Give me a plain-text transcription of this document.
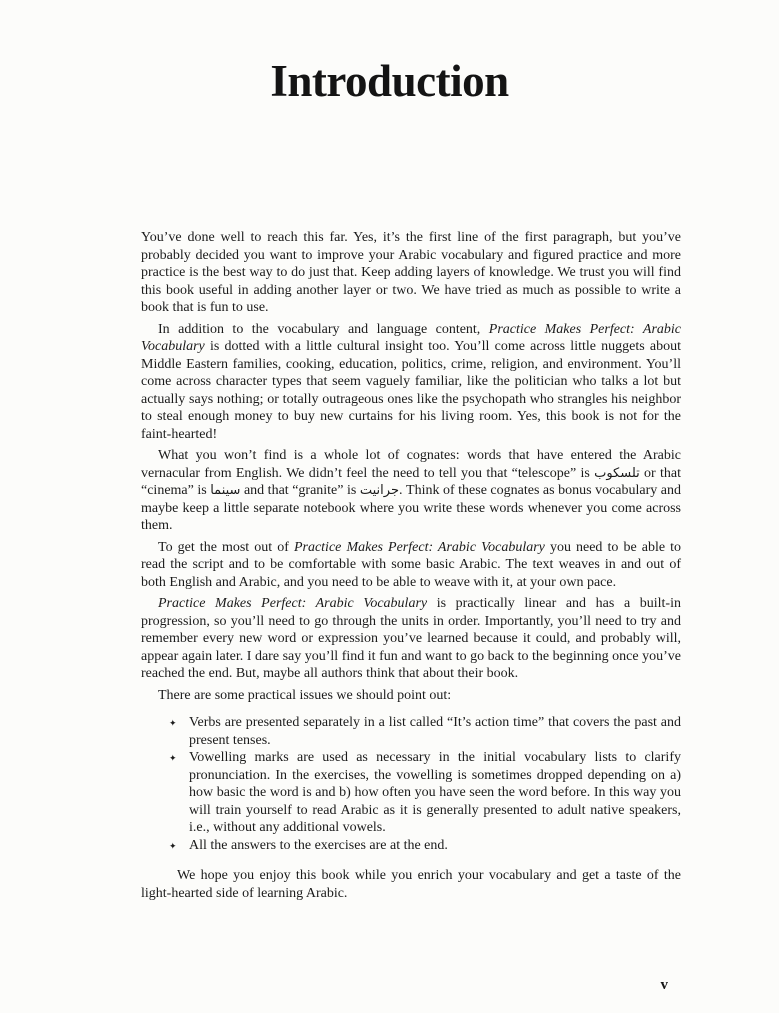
Introduction

You’ve done well to reach this far. Yes, it’s the first line of the first paragraph, but you’ve probably decided you want to improve your Arabic vocabulary and figured practice and more practice is the best way to do just that. Keep adding layers of knowledge. We trust you will find this book useful in adding another layer or two. We have tried as much as possible to write a book that is fun to use.

In addition to the vocabulary and language content, Practice Makes Perfect: Arabic Vocabulary is dotted with a little cultural insight too. You’ll come across little nuggets about Middle Eastern families, cooking, education, politics, crime, religion, and environment. You’ll come across character types that seem vaguely familiar, like the politician who talks a lot but actually says nothing; or totally outrageous ones like the psychopath who strangles his neighbor to steal enough money to buy new curtains for his living room. Yes, this book is not for the faint-hearted!

What you won’t find is a whole lot of cognates: words that have entered the Arabic vernacular from English. We didn’t feel the need to tell you that “telescope” is تلسكوب or that “cinema” is سينما and that “granite” is جرانيت. Think of these cognates as bonus vocabulary and maybe keep a little separate notebook where you write these words whenever you come across them.

To get the most out of Practice Makes Perfect: Arabic Vocabulary you need to be able to read the script and to be comfortable with some basic Arabic. The text weaves in and out of both English and Arabic, and you need to be able to weave with it, at your own pace.

Practice Makes Perfect: Arabic Vocabulary is practically linear and has a built-in progression, so you’ll need to go through the units in order. Importantly, you’ll need to try and remember every new word or expression you’ve learned because it could, and probably will, appear again later. I dare say you’ll find it fun and want to go back to the beginning once you’ve reached the end. But, maybe all authors think that about their book.

There are some practical issues we should point out:

✦ Verbs are presented separately in a list called “It’s action time” that covers the past and present tenses.
✦ Vowelling marks are used as necessary in the initial vocabulary lists to clarify pronunciation. In the exercises, the vowelling is sometimes dropped depending on a) how basic the word is and b) how often you have seen the word before. In this way you will train yourself to read Arabic as it is generally presented to adult native speakers, i.e., without any additional vowels.
✦ All the answers to the exercises are at the end.

We hope you enjoy this book while you enrich your vocabulary and get a taste of the light-hearted side of learning Arabic.

v
